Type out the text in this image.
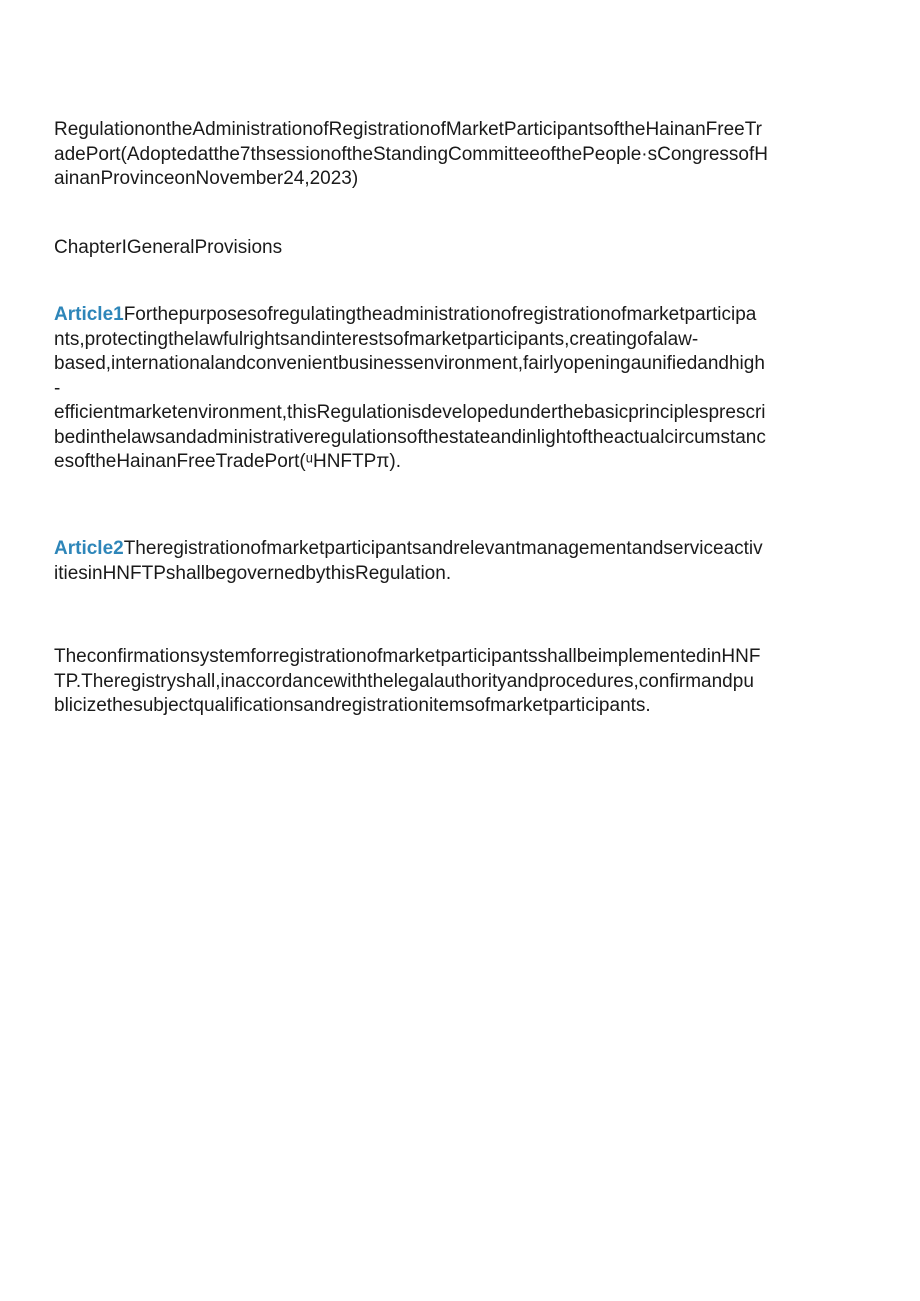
RegulationontheAdministrationofRegistrationofMarketParticipantsoftheHainanFreeTr
adePort(Adoptedatthe7thsessionoftheStandingCommitteeofthePeople·sCongressofH
ainanProvinceonNovember24,2023)
ChapterIGeneralProvisions
Article1Forthepurposesofregulatingtheadministrationofregistrationofmarketparticipa
nts,protectingthelawfulrightsandinterestsofmarketparticipants,creatingofalaw-
based,internationalandconvenientbusinessenvironment,fairlyopeningaunifiedandhigh
-
efficientmarketenvironment,thisRegulationisdevelopedunderthebasicprinciplesprescri
bedinthelawsandadministrativeregulationsofthestateandinlightoftheactualcircumstanc
esoftheHainanFreeTradePort(ᵘHNFTPπ).
Article2Theregistrationofmarketparticipantsandrelevantmanagementandserviceactiv
itiesinHNFTPshallbegovernedbythisRegulation.
TheconfirmationsystemforregistrationofmarketparticipantsshallbeimplementedinHNF
TP.Theregistryshall,inaccordancewiththelegalauthorityandprocedures,confirmandpu
blicizethesubjectqualificationsandregistrationitemsofmarketparticipants.
